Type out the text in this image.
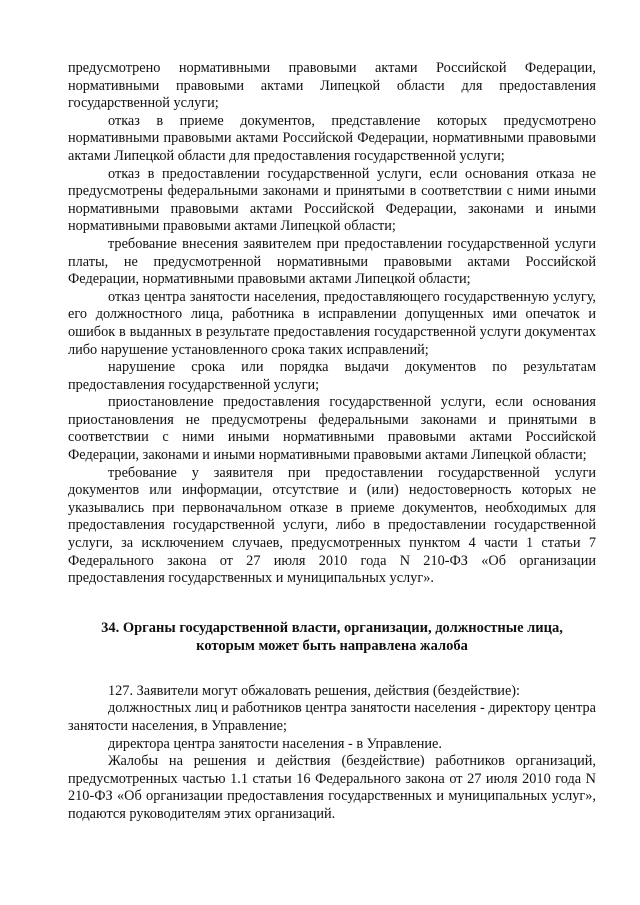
предусмотрено нормативными правовыми актами Российской Федерации, нормативными правовыми актами Липецкой области для предоставления государственной услуги;

отказ в приеме документов, представление которых предусмотрено нормативными правовыми актами Российской Федерации, нормативными правовыми актами Липецкой области для предоставления государственной услуги;

отказ в предоставлении государственной услуги, если основания отказа не предусмотрены федеральными законами и принятыми в соответствии с ними иными нормативными правовыми актами Российской Федерации, законами и иными нормативными правовыми актами Липецкой области;

требование внесения заявителем при предоставлении государственной услуги платы, не предусмотренной нормативными правовыми актами Российской Федерации, нормативными правовыми актами Липецкой области;

отказ центра занятости населения, предоставляющего государственную услугу, его должностного лица, работника в исправлении допущенных ими опечаток и ошибок в выданных в результате предоставления государственной услуги документах либо нарушение установленного срока таких исправлений;

нарушение срока или порядка выдачи документов по результатам предоставления государственной услуги;

приостановление предоставления государственной услуги, если основания приостановления не предусмотрены федеральными законами и принятыми в соответствии с ними иными нормативными правовыми актами Российской Федерации, законами и иными нормативными правовыми актами Липецкой области;

требование у заявителя при предоставлении государственной услуги документов или информации, отсутствие и (или) недостоверность которых не указывались при первоначальном отказе в приеме документов, необходимых для предоставления государственной услуги, либо в предоставлении государственной услуги, за исключением случаев, предусмотренных пунктом 4 части 1 статьи 7 Федерального закона от 27 июля 2010 года N 210-ФЗ «Об организации предоставления государственных и муниципальных услуг».

34. Органы государственной власти, организации, должностные лица,
которым может быть направлена жалоба

127. Заявители могут обжаловать решения, действия (бездействие):

должностных лиц и работников центра занятости населения - директору центра занятости населения, в Управление;

директора центра занятости населения - в Управление.

Жалобы на решения и действия (бездействие) работников организаций, предусмотренных частью 1.1 статьи 16 Федерального закона от 27 июля 2010 года N 210-ФЗ «Об организации предоставления государственных и муниципальных услуг», подаются руководителям этих организаций.
